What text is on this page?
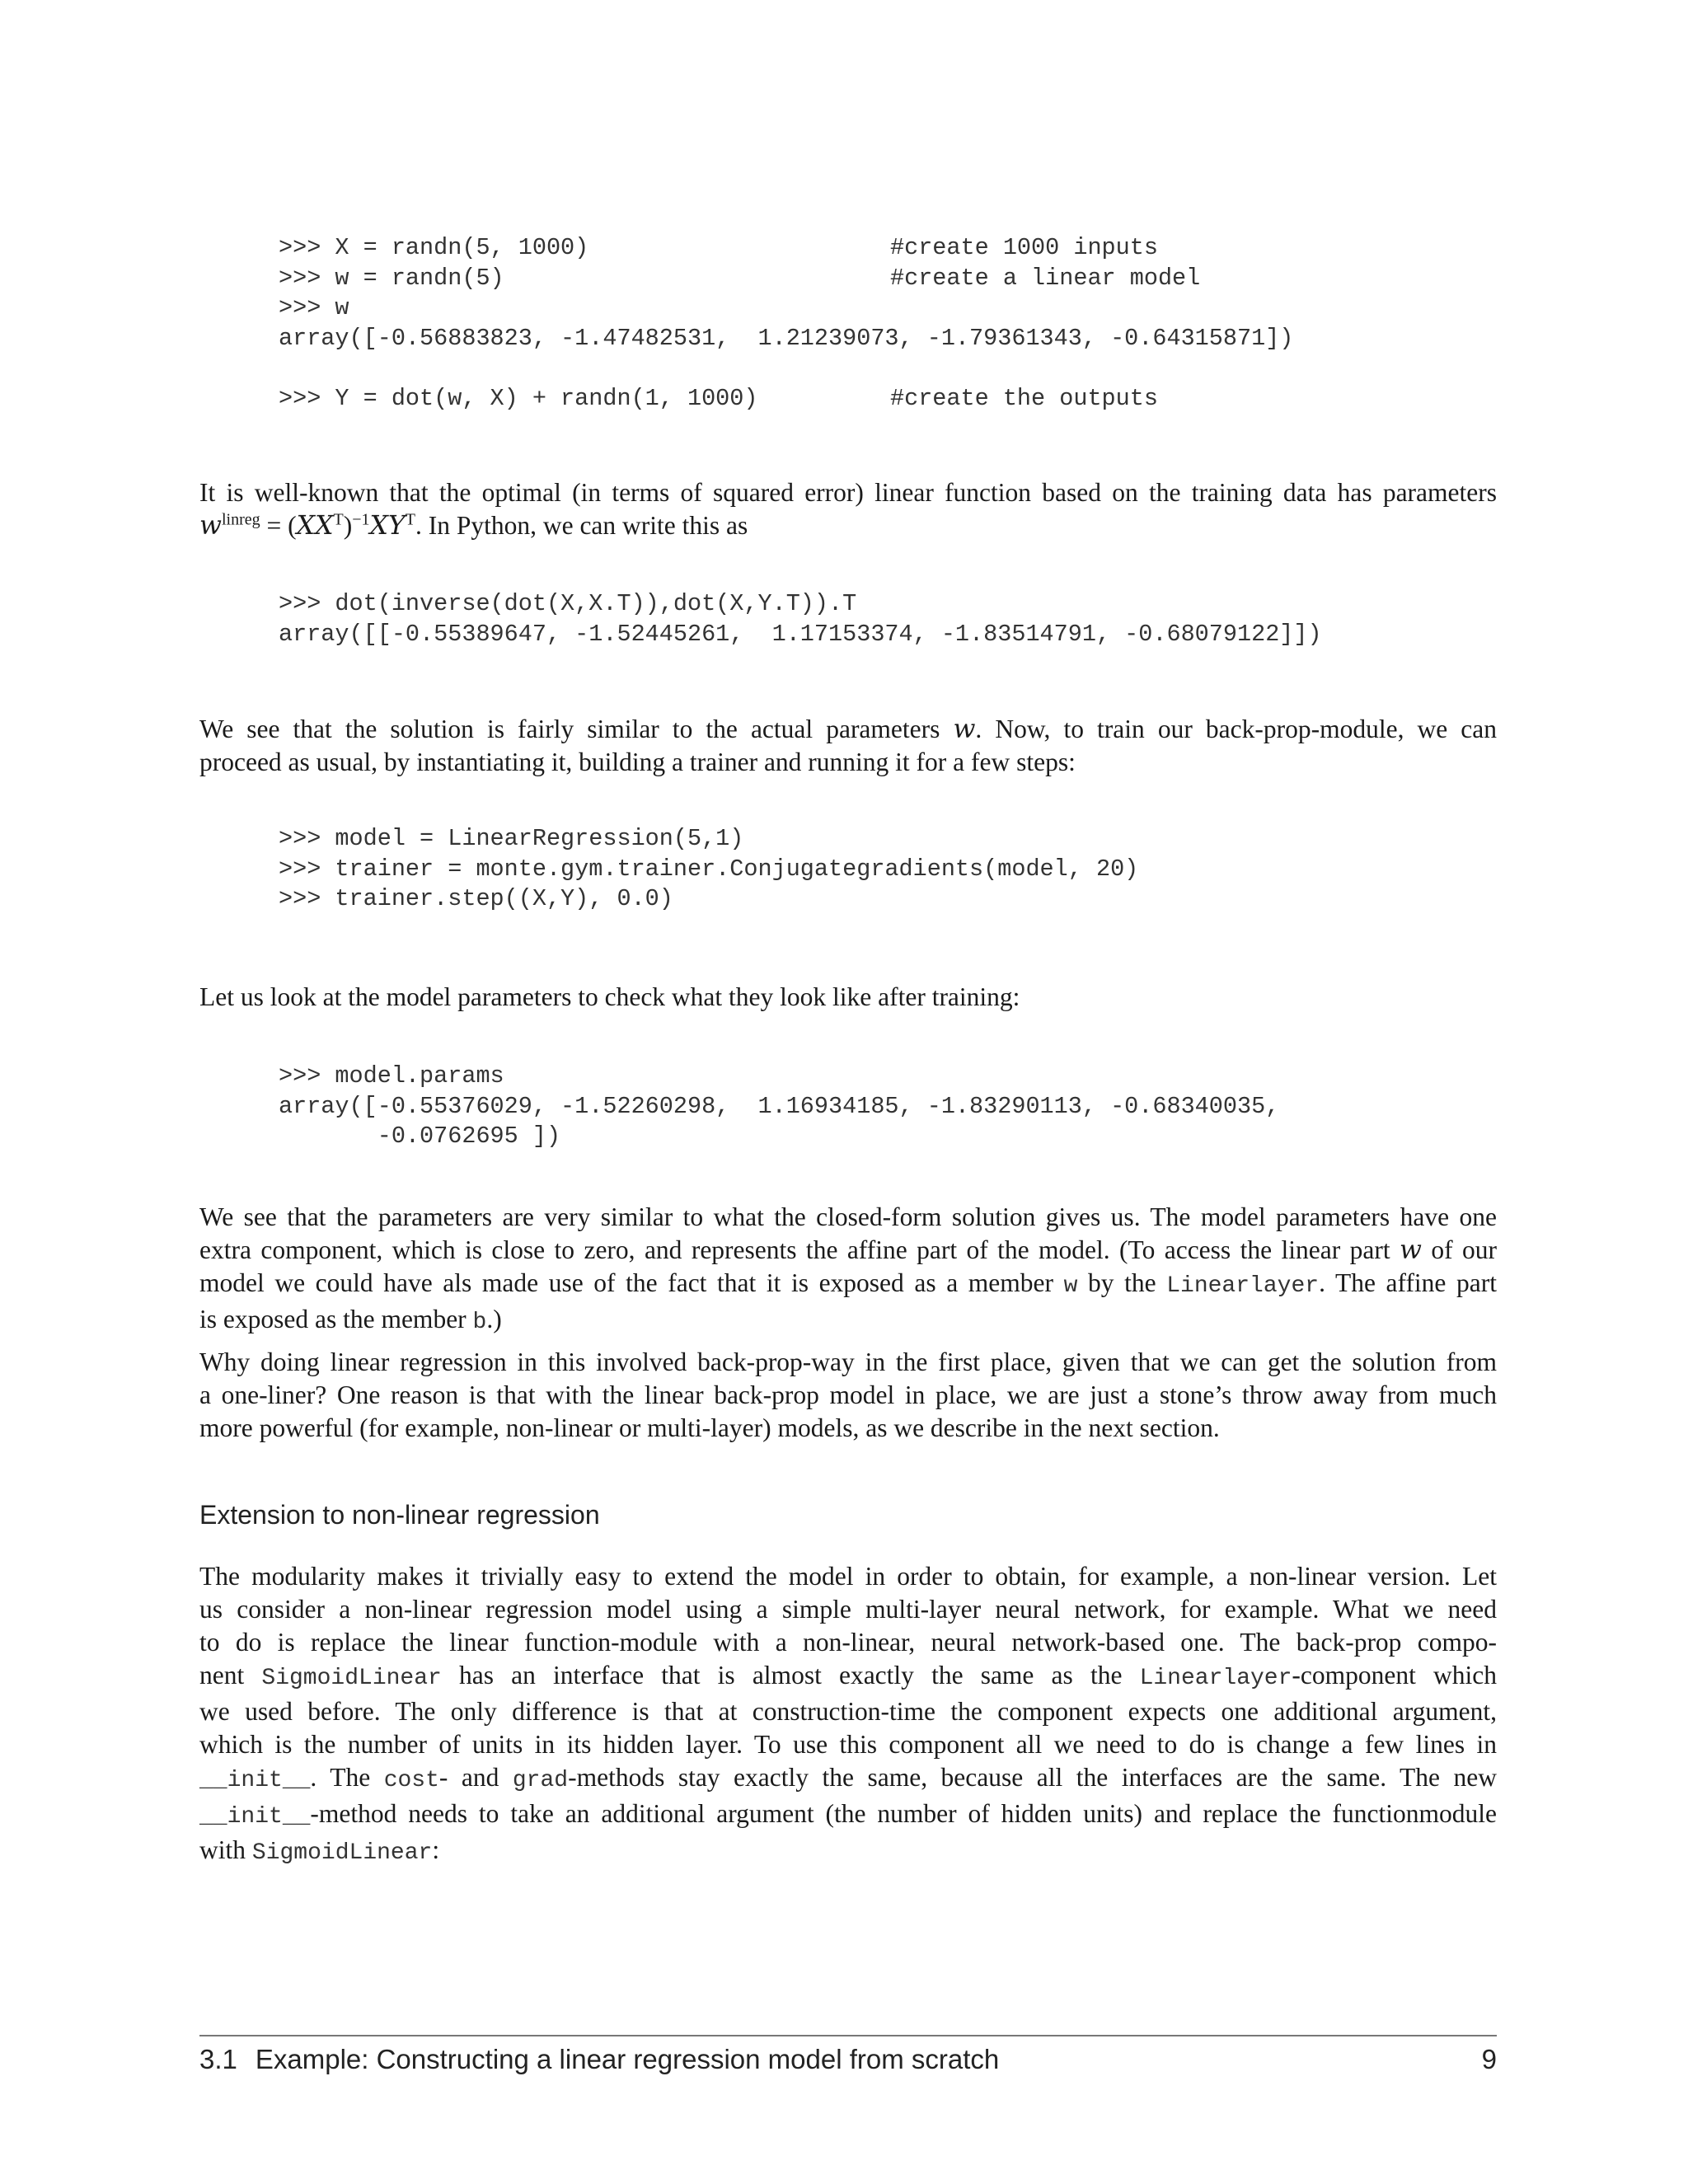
>>> X = randn(5, 1000)	#create 1000 inputs
>>> w = randn(5)	#create a linear model
>>> w
array([-0.56883823, -1.47482531,  1.21239073, -1.79361343, -0.64315871])
>>> Y = dot(w, X) + randn(1, 1000)	#create the outputs
It is well-known that the optimal (in terms of squared error) linear function based on the training data has parameters
$w^{linreg} = (XX^T)^{-1}XY^T$. In Python, we can write this as
>>> dot(inverse(dot(X,X.T)),dot(X,Y.T)).T
array([[-0.55389647, -1.52445261,  1.17153374, -1.83514791, -0.68079122]])
We see that the solution is fairly similar to the actual parameters w. Now, to train our back-prop-module, we can
proceed as usual, by instantiating it, building a trainer and running it for a few steps:
>>> model = LinearRegression(5,1)
>>> trainer = monte.gym.trainer.Conjugategradients(model, 20)
>>> trainer.step((X,Y), 0.0)
Let us look at the model parameters to check what they look like after training:
>>> model.params
array([-0.55376029, -1.52260298,  1.16934185, -1.83290113, -0.68340035,
-0.0762695 ])
We see that the parameters are very similar to what the closed-form solution gives us. The model parameters have one
extra component, which is close to zero, and represents the affine part of the model. (To access the linear part w of our
model we could have als made use of the fact that it is exposed as a member w by the Linearlayer. The affine part
is exposed as the member b.)
Why doing linear regression in this involved back-prop-way in the first place, given that we can get the solution from
a one-liner? One reason is that with the linear back-prop model in place, we are just a stone’s throw away from much
more powerful (for example, non-linear or multi-layer) models, as we describe in the next section.
Extension to non-linear regression
The modularity makes it trivially easy to extend the model in order to obtain, for example, a non-linear version. Let
us consider a non-linear regression model using a simple multi-layer neural network, for example. What we need
to do is replace the linear function-module with a non-linear, neural network-based one. The back-prop compo-
nent SigmoidLinear has an interface that is almost exactly the same as the Linearlayer-component which
we used before. The only difference is that at construction-time the component expects one additional argument,
which is the number of units in its hidden layer. To use this component all we need to do is change a few lines in
__init__. The cost- and grad-methods stay exactly the same, because all the interfaces are the same. The new
__init__-method needs to take an additional argument (the number of hidden units) and replace the functionmodule
with SigmoidLinear:
3.1 Example: Constructing a linear regression model from scratch	9
